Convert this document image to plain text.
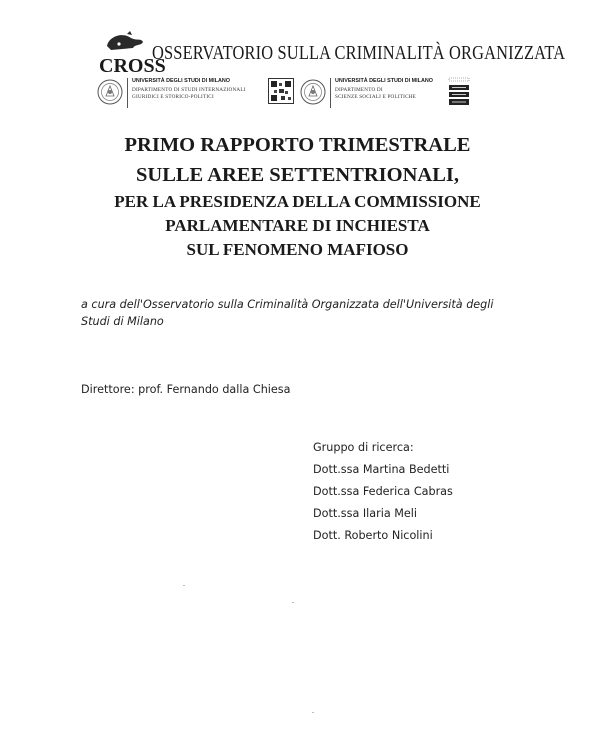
CROSS
OSSERVATORIO SULLA CRIMINALITÀ ORGANIZZATA
UNIVERSITÀ DEGLI STUDI DI MILANO
DIPARTIMENTO DI STUDI INTERNAZIONALI
GIURIDICI E STORICO-POLITICI
UNIVERSITÀ DEGLI STUDI DI MILANO
DIPARTIMENTO DI
SCIENZE SOCIALI E POLITICHE
PRIMO RAPPORTO TRIMESTRALE
SULLE AREE SETTENTRIONALI,
PER LA PRESIDENZA DELLA COMMISSIONE
PARLAMENTARE DI INCHIESTA
SUL FENOMENO MAFIOSO
a cura dell'Osservatorio sulla Criminalità Organizzata dell'Università degli Studi di Milano
Direttore: prof. Fernando dalla Chiesa
Gruppo di ricerca:
Dott.ssa Martina Bedetti
Dott.ssa Federica Cabras
Dott.ssa Ilaria Meli
Dott. Roberto Nicolini
